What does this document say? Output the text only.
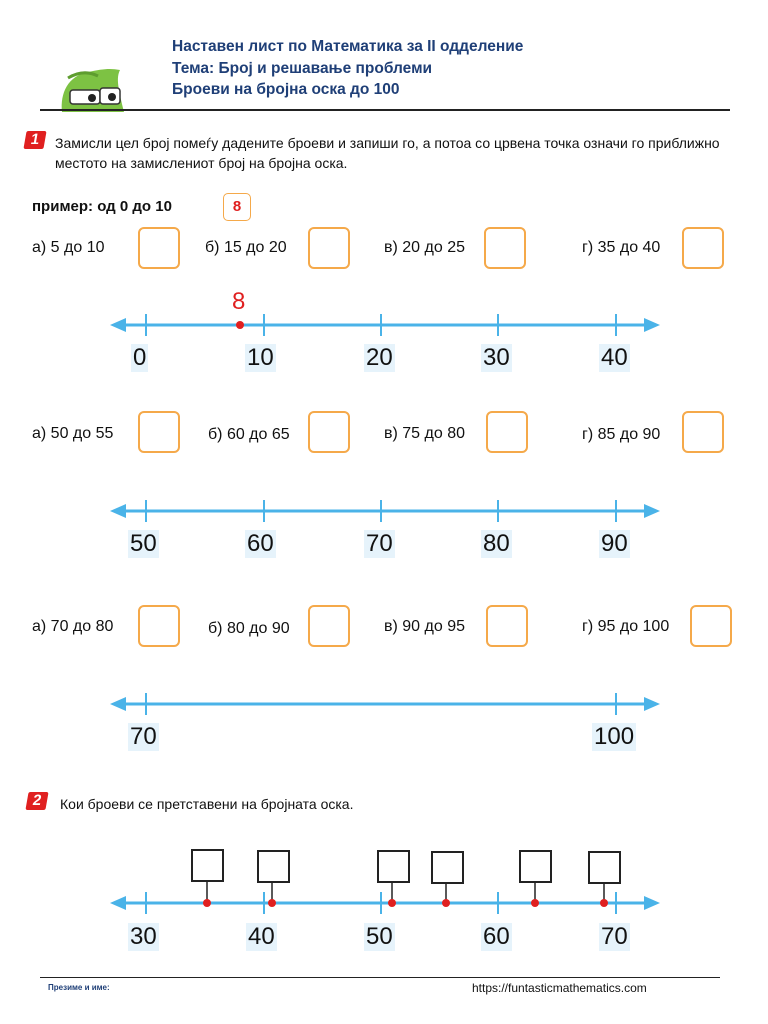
Наставен лист по Математика за II одделение
Тема: Број и решавање проблеми
Броеви на бројна оска до 100
1	Замисли цел број помеѓу дадените броеви и запиши го, а потоа со црвена точка означи го приближно местото на замислениот број на бројна оска.
пример: од 0 до 10	8
а) 5 до 10	б) 15 до 20	в) 20 до 25	г) 35 до 40
8
0	10	20	30	40
а) 50 до 55	б) 60 до 65	в) 75 до 80	г) 85 до 90
50	60	70	80	90
а) 70 до 80	б) 80 до 90	в) 90 до 95	г) 95 до 100
70	100
2	Кои броеви се претставени на бројната оска.
30	40	50	60	70
Презиме и име:	https://funtasticmathematics.com
